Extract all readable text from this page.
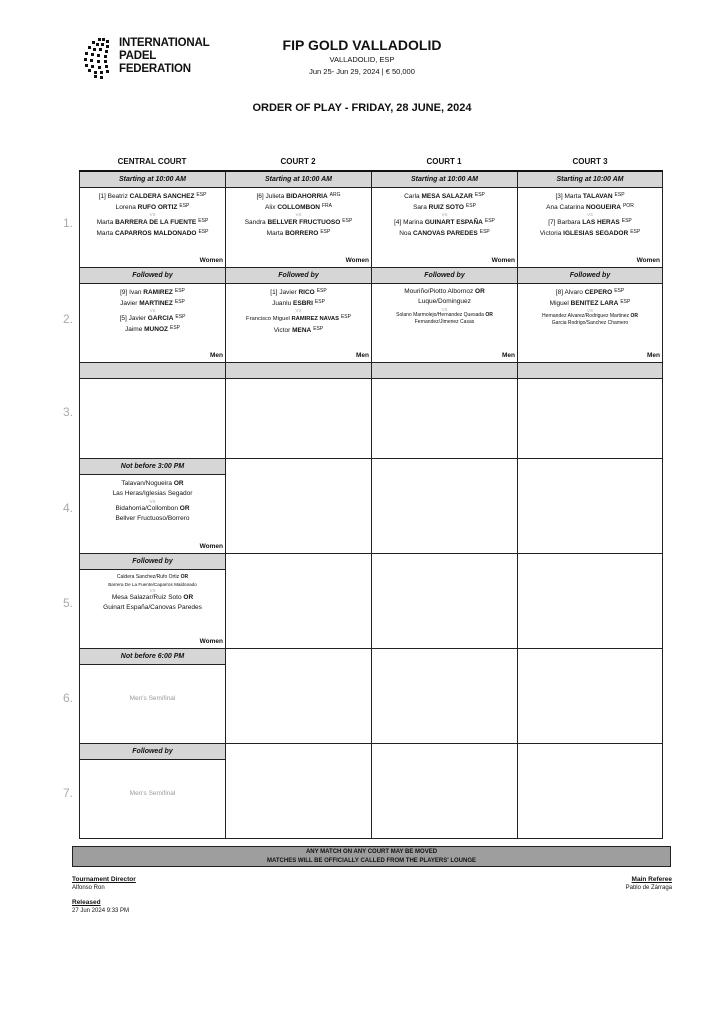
INTERNATIONAL
PADEL
FEDERATION
FIP GOLD VALLADOLID
VALLADOLID, ESP
Jun 25- Jun 29, 2024 | € 50,000
ORDER OF PLAY - FRIDAY, 28 JUNE, 2024
CENTRAL COURT	COURT 2	COURT 1	COURT 3
1.
Starting at 10:00 AM
[1] Beatriz CALDERA SANCHEZ $^{ESP}$
Lorena RUFO ORTIZ $^{ESP}$
VS
Marta BARRERA DE LA FUENTE $^{ESP}$
Marta CAPARROS MALDONADO $^{ESP}$
Women
Starting at 10:00 AM
[6] Julieta BIDAHORRIA $^{ARG}$
Alix COLLOMBON $^{FRA}$
VS
Sandra BELLVER FRUCTUOSO $^{ESP}$
Marta BORRERO $^{ESP}$
Women
Starting at 10:00 AM
Carla MESA SALAZAR $^{ESP}$
Sara RUIZ SOTO $^{ESP}$
VS
[4] Marina GUINART ESPAÑA $^{ESP}$
Noa CANOVAS PAREDES $^{ESP}$
Women
Starting at 10:00 AM
[3] Marta TALAVAN $^{ESP}$
Ana Catarina NOGUEIRA $^{POR}$
VS
[7] Barbara LAS HERAS $^{ESP}$
Victoria IGLESIAS SEGADOR $^{ESP}$
Women
2.
Followed by
[9] Ivan RAMIREZ $^{ESP}$
Javier MARTINEZ $^{ESP}$
VS
[5] Javier GARCIA $^{ESP}$
Jaime MUNOZ $^{ESP}$
Men
Followed by
[1] Javier RICO $^{ESP}$
Juanlu ESBRI $^{ESP}$
VS
Francisco Miguel RAMIREZ NAVAS $^{ESP}$
Victor MENA $^{ESP}$
Men
Followed by
Mouriño/Piotto Albornoz OR
Luque/Dominguez
VS
Solano Marmolejo/Hernandez Quesada OR
Fernandez/Jimenez Casas
Men
Followed by
[8] Alvaro CEPERO $^{ESP}$
Miguel BENITEZ LARA $^{ESP}$
VS
Hernandez Alvarez/Rodriguez Martinez OR
Garcia Rodrigo/Sanchez Chamero
Men
3.
4.
Not before 3:00 PM
Talavan/Nogueira OR
Las Heras/Iglesias Segador
VS
Bidahorria/Collombon OR
Bellver Fructuoso/Borrero
Women
5.
Followed by
Caldera Sanchez/Rufo Ortiz OR
Barrera De La Fuente/Caparros Maldonado
VS
Mesa Salazar/Ruiz Soto OR
Guinart España/Canovas Paredes
Women
6.
Not before 6:00 PM
Men's Semifinal
7.
Followed by
Men's Semifinal
ANY MATCH ON ANY COURT MAY BE MOVED
MATCHES WILL BE OFFICIALLY CALLED FROM THE PLAYERS' LOUNGE
Tournament Director
Alfonso Ron
Released
27 Jun 2024 9:33 PM
Main Referee
Pablo de Zárraga
